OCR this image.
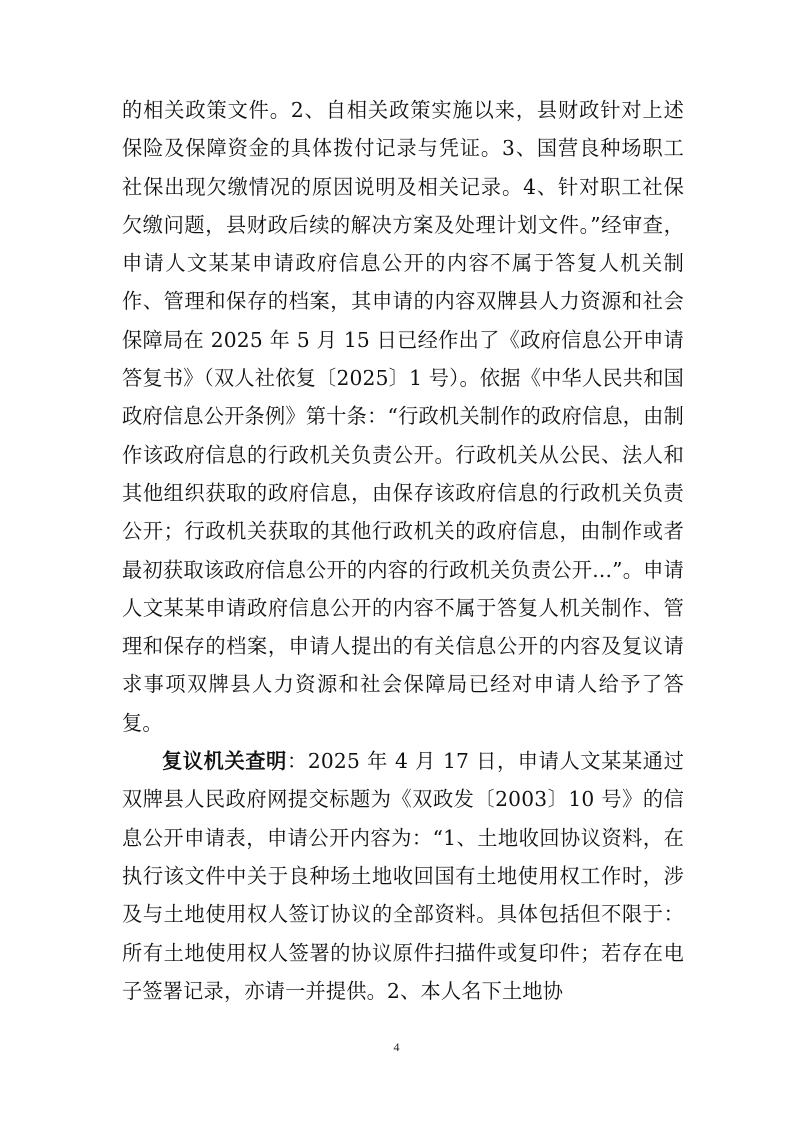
的相关政策文件。2、自相关政策实施以来，县财政针对上述保险及保障资金的具体拨付记录与凭证。3、国营良种场职工社保出现欠缴情况的原因说明及相关记录。4、针对职工社保欠缴问题，县财政后续的解决方案及处理计划文件。”经审查，申请人文某某申请政府信息公开的内容不属于答复人机关制作、管理和保存的档案，其申请的内容双牌县人力资源和社会保障局在 2025 年 5 月 15 日已经作出了《政府信息公开申请答复书》（双人社依复〔2025〕1 号）。依据《中华人民共和国政府信息公开条例》第十条：“行政机关制作的政府信息，由制作该政府信息的行政机关负责公开。行政机关从公民、法人和其他组织获取的政府信息，由保存该政府信息的行政机关负责公开；行政机关获取的其他行政机关的政府信息，由制作或者最初获取该政府信息公开的内容的行政机关负责公开...”。申请人文某某申请政府信息公开的内容不属于答复人机关制作、管理和保存的档案，申请人提出的有关信息公开的内容及复议请求事项双牌县人力资源和社会保障局已经对申请人给予了答复。

复议机关查明：2025 年 4 月 17 日，申请人文某某通过双牌县人民政府网提交标题为《双政发〔2003〕10 号》的信息公开申请表，申请公开内容为：“1、土地收回协议资料，在执行该文件中关于良种场土地收回国有土地使用权工作时，涉及与土地使用权人签订协议的全部资料。具体包括但不限于：所有土地使用权人签署的协议原件扫描件或复印件；若存在电子签署记录，亦请一并提供。2、本人名下土地协

4
